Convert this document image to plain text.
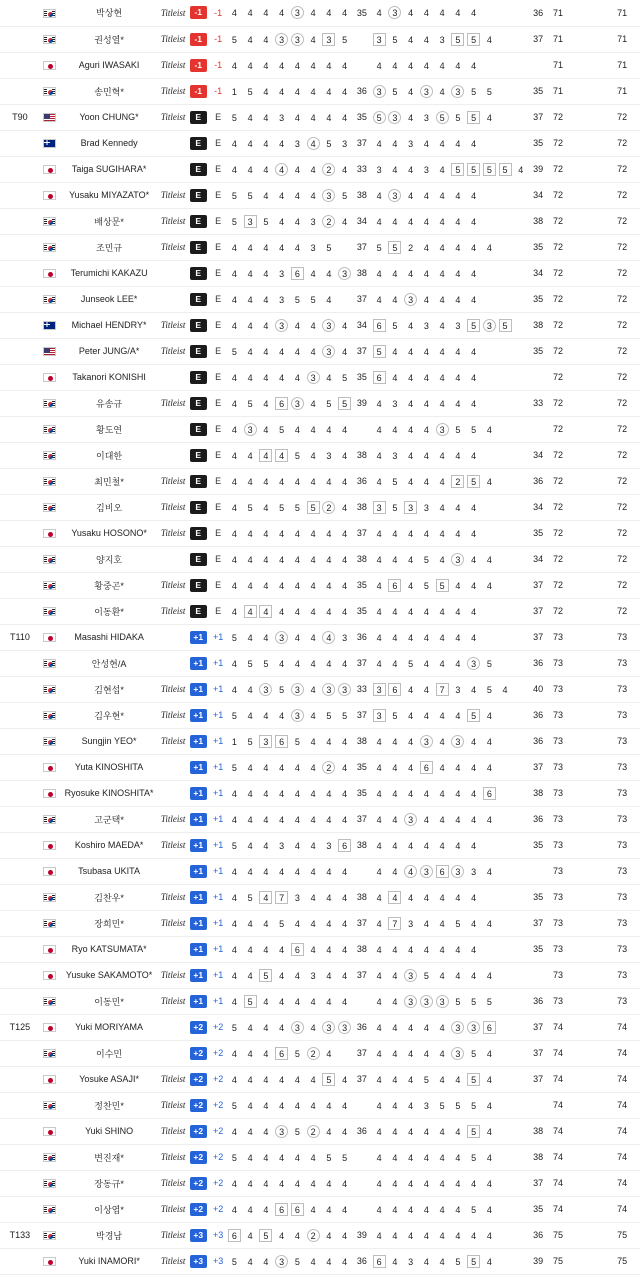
		박상현	Titleist	-1	-1	4	4	4	4	3	4	4	4	35	4	3	4	4	4	4	4				36	71		71
		권성열*	Titleist	-1	-1	5	4	4	3	3	4	3	5		3	5	4	4	3	5	5	4			37	71		71
		Aguri IWASAKI	Titleist	-1	-1	4	4	4	4	4	4	4	4		4	4	4	4	4	4	4					71		71
		송민혁*	Titleist	-1	-1	1	5	4	4	4	4	4	4	36	3	5	4	3	4	3	5	5			35	71		71
T90		Yoon CHUNG*	Titleist	E	E	5	4	4	3	4	4	4	4	35	5	3	4	3	5	5	5	4			37	72		72
		Brad Kennedy		E	E	4	4	4	4	3	4	5	3	37	4	4	3	4	4	4	4				35	72		72
		Taiga SUGIHARA*		E	E	4	4	4	4	4	4	2	4	33	3	4	4	3	4	5	5	5	5	4	39	72		72
		Yusaku MIYAZATO*	Titleist	E	E	5	5	4	4	4	4	3	5	38	4	3	4	4	4	4	4				34	72		72
		배상문*	Titleist	E	E	5	3	5	4	4	3	2	4	34	4	4	4	4	4	4	4				38	72		72
		조민규	Titleist	E	E	4	4	4	4	4	3	5		37	5	5	2	4	4	4	4	4			35	72		72
		Terumichi KAKAZU		E	E	4	4	4	3	6	4	4	3	38	4	4	4	4	4	4	4				34	72		72
		Junseok LEE*		E	E	4	4	4	3	5	5	4		37	4	4	3	4	4	4	4				35	72		72
		Michael HENDRY*	Titleist	E	E	4	4	4	3	4	4	3	4	34	6	5	4	3	4	3	5	3	5		38	72		72
		Peter JUNG/A*	Titleist	E	E	5	4	4	4	4	4	3	4	37	5	4	4	4	4	4	4				35	72		72
		Takanori KONISHI		E	E	4	4	4	4	4	3	4	5	35	6	4	4	4	4	4	4					72		72
		유송규	Titleist	E	E	4	5	4	6	3	4	5	5	39	4	3	4	4	4	4	4				33	72		72
		황도연		E	E	4	3	4	5	4	4	4	4		4	4	4	4	3	5	5	4				72		72
		이대한		E	E	4	4	4	4	5	4	3	4	38	4	3	4	4	4	4	4				34	72		72
		최민철*	Titleist	E	E	4	4	4	4	4	4	4	4	36	4	5	4	4	4	2	5	4			36	72		72
		김비오	Titleist	E	E	4	5	4	5	5	5	2	4	38	3	5	3	3	4	4	4				34	72		72
		Yusaku HOSONO*	Titleist	E	E	4	4	4	4	4	4	4	4	37	4	4	4	4	4	4	4				35	72		72
		양지호		E	E	4	4	4	4	4	4	4	4	38	4	4	4	5	4	3	4	4			34	72		72
		황중곤*	Titleist	E	E	4	4	4	4	4	4	4	4	35	4	6	4	5	5	4	4	4			37	72		72
		이동환*	Titleist	E	E	4	4	4	4	4	4	4	4	35	4	4	4	4	4	4	4				37	72		72
T110		Masashi HIDAKA		+1	+1	5	4	4	3	4	4	4	3	36	4	4	4	4	4	4	4				37	73		73
		안성현/A		+1	+1	4	5	5	4	4	4	4	4	37	4	4	5	4	4	4	3	5			36	73		73
		김현섭*	Titleist	+1	+1	4	4	3	5	3	4	3	3	33	3	6	4	4	7	3	4	5	4		40	73		73
		김우현*	Titleist	+1	+1	5	4	4	4	3	4	5	5	37	3	5	4	4	4	4	5	4			36	73		73
		Sungjin YEO*	Titleist	+1	+1	1	5	3	6	5	4	4	4	38	4	4	4	3	4	3	4	4			36	73		73
		Yuta KINOSHITA		+1	+1	5	4	4	4	4	4	2	4	35	4	4	4	6	4	4	4	4			37	73		73
		Ryosuke KINOSHITA*		+1	+1	4	4	4	4	4	4	4	4	35	4	4	4	4	4	4	4	6			38	73		73
		고군택*	Titleist	+1	+1	4	4	4	4	4	4	4	4	37	4	4	3	4	4	4	4	4			36	73		73
		Koshiro MAEDA*	Titleist	+1	+1	5	4	4	3	4	4	3	6	38	4	4	4	4	4	4	4				35	73		73
		Tsubasa UKITA		+1	+1	4	4	4	4	4	4	4	4		4	4	4	3	6	3	3	4				73		73
		김찬우*	Titleist	+1	+1	4	5	4	7	3	4	4	4	38	4	4	4	4	4	4	4				35	73		73
		장희민*	Titleist	+1	+1	4	4	4	5	4	4	4	4	37	4	7	3	4	4	5	4	4			37	73		73
		Ryo KATSUMATA*		+1	+1	4	4	4	4	6	4	4	4	38	4	4	4	4	4	4	4				35	73		73
		Yusuke SAKAMOTO*	Titleist	+1	+1	4	4	5	4	4	3	4	4	37	4	4	3	5	4	4	4	4				73		73
		이동민*	Titleist	+1	+1	4	5	4	4	4	4	4	4		4	4	3	3	3	5	5	5			36	73		73
T125		Yuki MORIYAMA		+2	+2	5	4	4	4	3	4	3	3	36	4	4	4	4	4	3	3	6			37	74		74
		이수민		+2	+2	4	4	4	6	5	2	4		37	4	4	4	4	4	3	5	4			37	74		74
		Yosuke ASAJI*	Titleist	+2	+2	4	4	4	4	4	4	5	4	37	4	4	4	5	4	4	5	4			37	74		74
		정찬민*	Titleist	+2	+2	5	4	4	4	4	4	4	4		4	4	4	3	5	5	5	4				74		74
		Yuki SHINO	Titleist	+2	+2	4	4	4	3	5	2	4	4	36	4	4	4	4	4	4	5	4			38	74		74
		변진재*	Titleist	+2	+2	5	4	4	4	4	4	5	5		4	4	4	4	4	4	5	4			38	74		74
		장동규*	Titleist	+2	+2	4	4	4	4	4	4	4	4		4	4	4	4	4	4	4	4			37	74		74
		이상엽*	Titleist	+2	+2	4	4	4	6	6	4	4	4		4	4	4	4	4	4	5	4			35	74		74
T133		박경남	Titleist	+3	+3	6	4	5	4	4	2	4	4	39	4	4	4	4	4	4	4	4			36	75		75
		Yuki INAMORI*	Titleist	+3	+3	5	4	4	3	5	4	4	4	36	6	4	3	4	4	5	5	4			39	75		75
